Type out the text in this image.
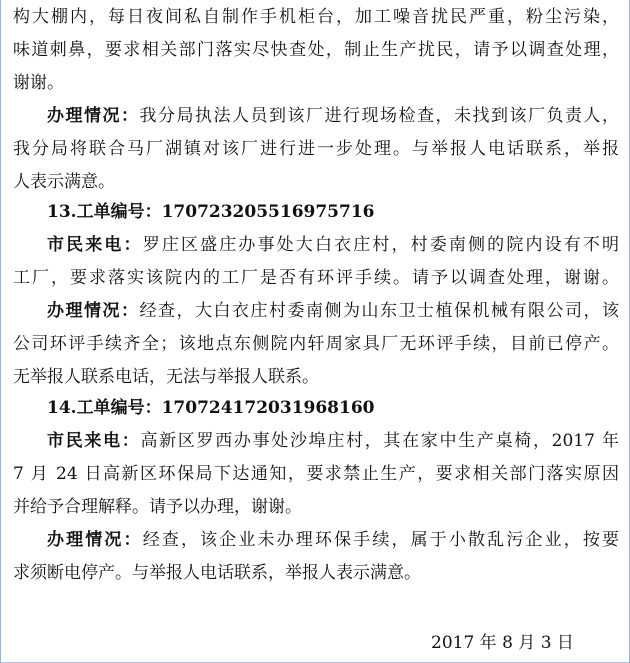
构大棚内，每日夜间私自制作手机柜台，加工噪音扰民严重，粉尘污染，
味道刺鼻，要求相关部门落实尽快查处，制止生产扰民，请予以调查处理，
谢谢。
办理情况：我分局执法人员到该厂进行现场检查，未找到该厂负责人，
我分局将联合马厂湖镇对该厂进行进一步处理。与举报人电话联系，举报
人表示满意。
13.工单编号：170723205516975716
市民来电：罗庄区盛庄办事处大白衣庄村，村委南侧的院内设有不明
工厂，要求落实该院内的工厂是否有环评手续。请予以调查处理，谢谢。
办理情况：经查，大白衣庄村委南侧为山东卫士植保机械有限公司，该
公司环评手续齐全；该地点东侧院内轩周家具厂无环评手续，目前已停产。
无举报人联系电话，无法与举报人联系。
14.工单编号：170724172031968160
市民来电：高新区罗西办事处沙埠庄村，其在家中生产桌椅，2017 年
7 月 24 日高新区环保局下达通知，要求禁止生产，要求相关部门落实原因
并给予合理解释。请予以办理，谢谢。
办理情况：经查，该企业未办理环保手续，属于小散乱污企业，按要
求须断电停产。与举报人电话联系，举报人表示满意。
2017 年 8 月 3 日
